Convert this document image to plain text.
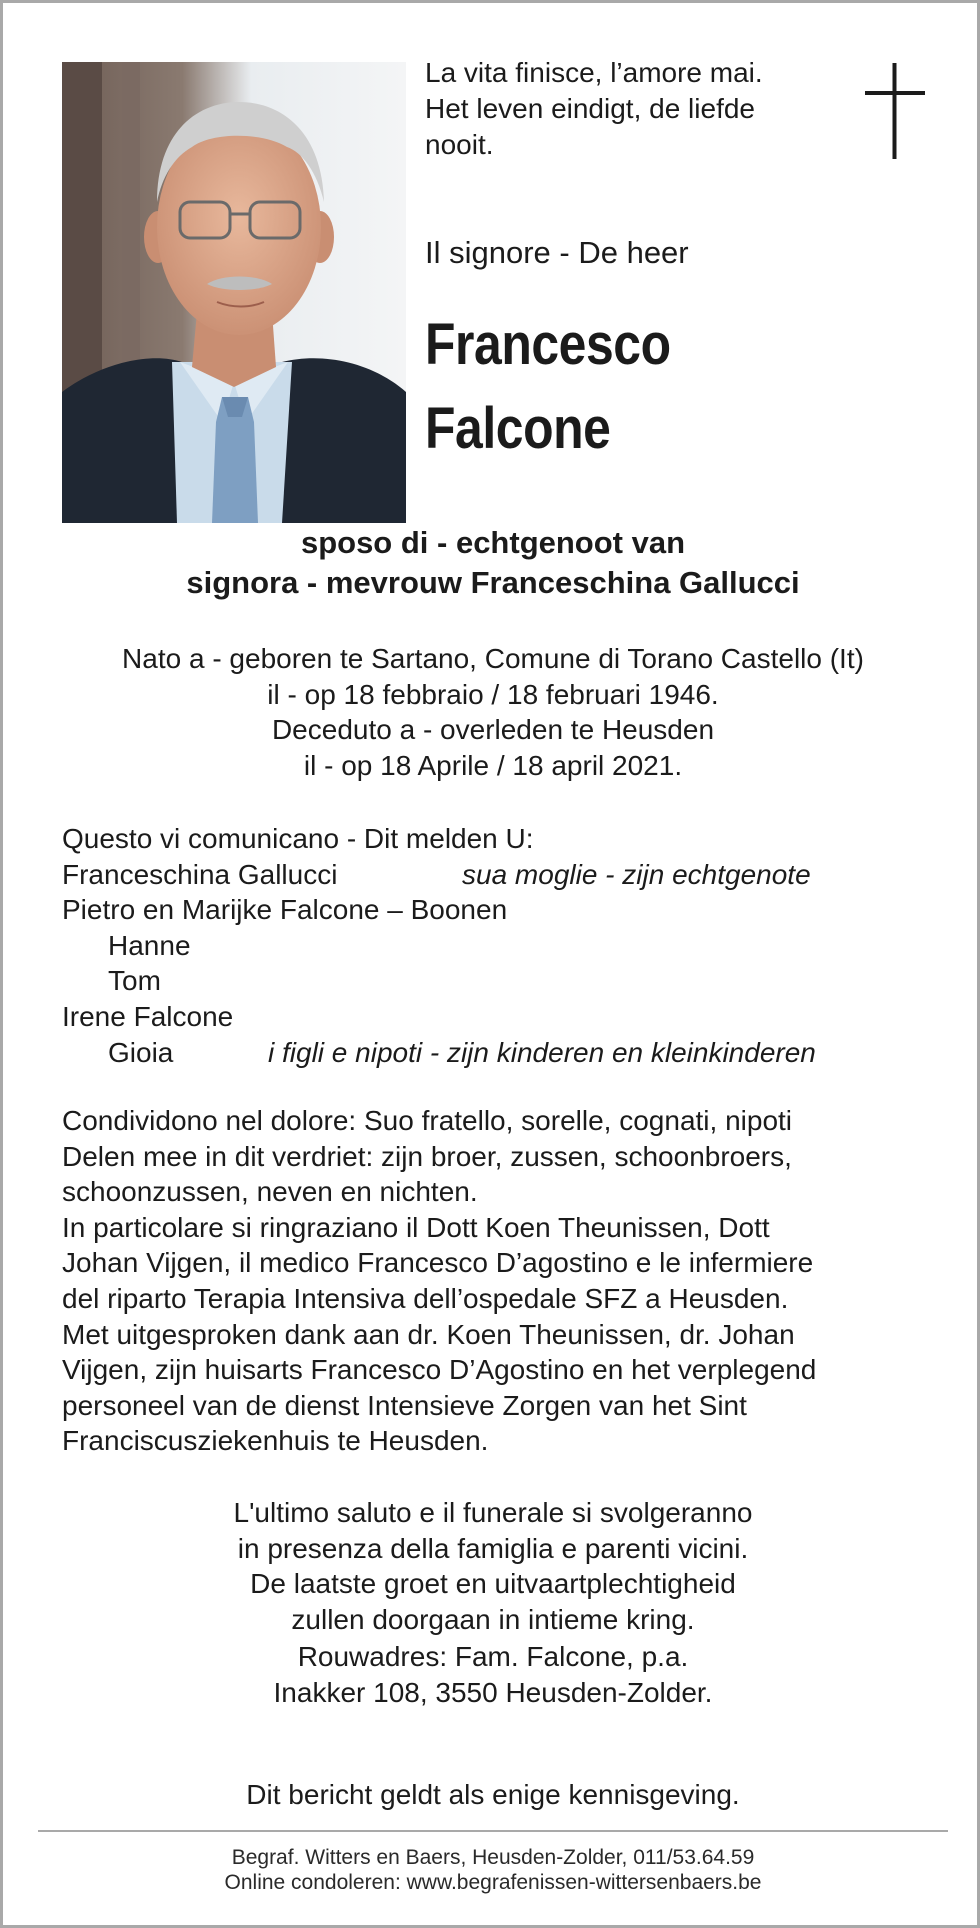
La vita finisce, l’amore mai.
Het leven eindigt, de liefde
nooit.
Il signore - De heer
Francesco
Falcone
sposo di - echtgenoot van
signora - mevrouw Franceschina Gallucci
Nato a - geboren te Sartano, Comune di Torano Castello (It)
il - op 18 febbraio / 18 februari 1946.
Deceduto a - overleden te Heusden
il - op 18 Aprile / 18 april 2021.
Questo vi comunicano - Dit melden U:
Franceschina Gallucci	sua moglie - zijn echtgenote
Pietro en Marijke Falcone – Boonen
Hanne
Tom
Irene Falcone
Gioia	i figli e nipoti - zijn kinderen en kleinkinderen
Condividono nel dolore: Suo fratello, sorelle, cognati, nipoti
Delen mee in dit verdriet: zijn broer, zussen, schoonbroers,
schoonzussen, neven en nichten.
In particolare si ringraziano il Dott Koen Theunissen, Dott
Johan Vijgen, il medico Francesco D’agostino e le infermiere
del riparto Terapia Intensiva dell’ospedale SFZ a Heusden.
Met uitgesproken dank aan dr. Koen Theunissen, dr. Johan
Vijgen, zijn huisarts Francesco D’Agostino en het verplegend
personeel van de dienst Intensieve Zorgen van het Sint
Franciscusziekenhuis te Heusden.
L'ultimo saluto e il funerale si svolgeranno
in presenza della famiglia e parenti vicini.
De laatste groet en uitvaartplechtigheid
zullen doorgaan in intieme kring.
Rouwadres: Fam. Falcone, p.a.
Inakker 108, 3550 Heusden-Zolder.
Dit bericht geldt als enige kennisgeving.
Begraf. Witters en Baers, Heusden-Zolder, 011/53.64.59
Online condoleren: www.begrafenissen-wittersenbaers.be
